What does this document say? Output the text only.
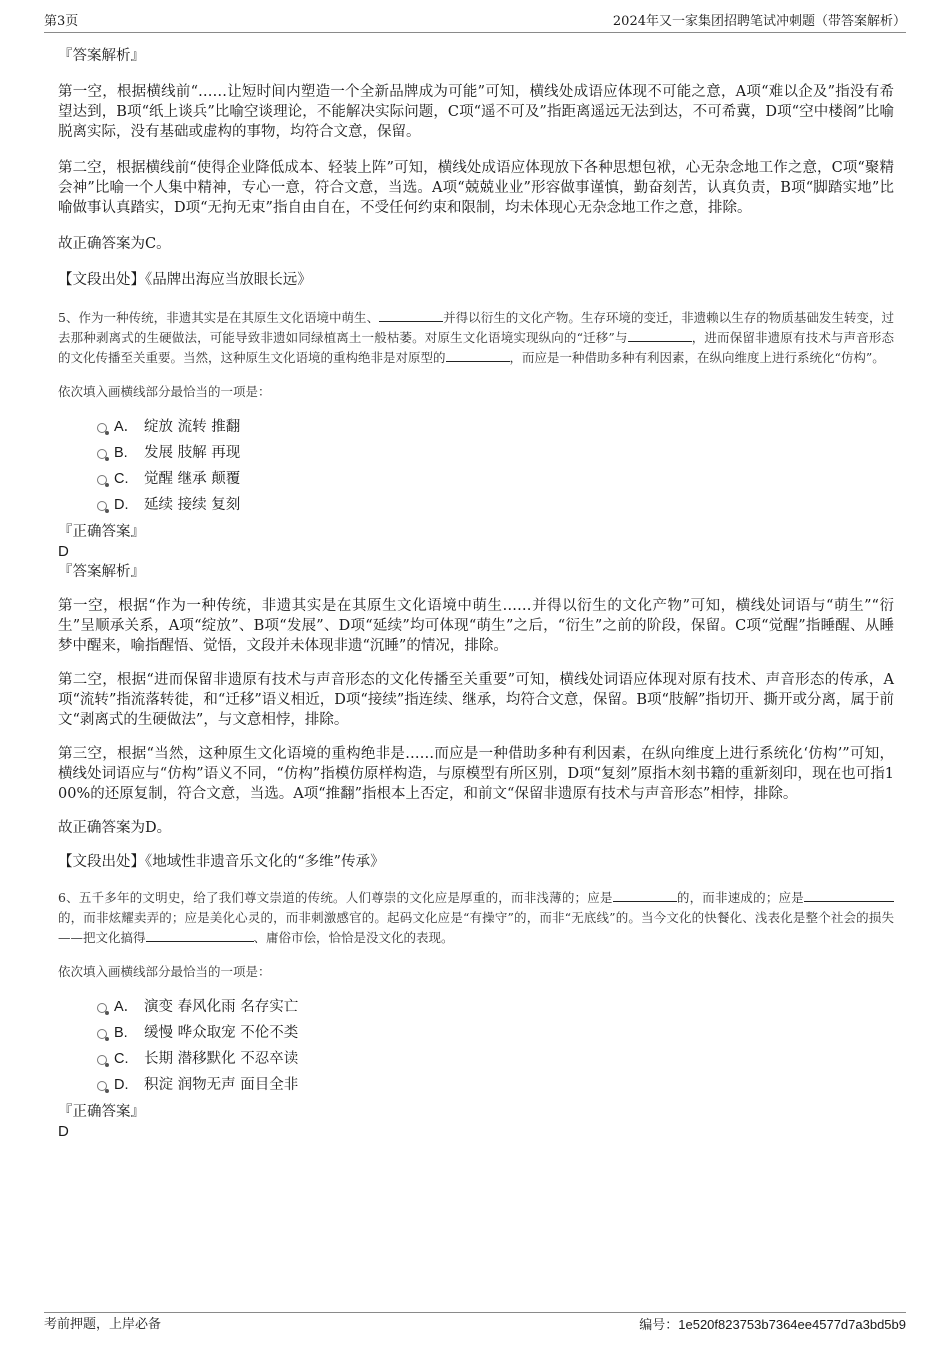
第3页	2024年又一家集团招聘笔试冲刺题（带答案解析）

『答案解析』

第一空，根据横线前“……让短时间内塑造一个全新品牌成为可能”可知，横线处成语应体现不可能之意，A项“难以企及”指没有希望达到，B项“纸上谈兵”比喻空谈理论，不能解决实际问题，C项“遥不可及”指距离遥远无法到达，不可希冀，D项“空中楼阁”比喻脱离实际，没有基础或虚构的事物，均符合文意，保留。

第二空，根据横线前“使得企业降低成本、轻装上阵”可知，横线处成语应体现放下各种思想包袱，心无杂念地工作之意，C项“聚精会神”比喻一个人集中精神，专心一意，符合文意，当选。A项“兢兢业业”形容做事谨慎，勤奋刻苦，认真负责，B项“脚踏实地”比喻做事认真踏实，D项“无拘无束”指自由自在，不受任何约束和限制，均未体现心无杂念地工作之意，排除。

故正确答案为C。

【文段出处】《品牌出海应当放眼长远》

5、作为一种传统，非遗其实是在其原生文化语境中萌生、	并得以衍生的文化产物。生存环境的变迁，非遗赖以生存的物质基础发生转变，过去那种剥离式的生硬做法，可能导致非遗如同绿植离土一般枯萎。对原生文化语境实现纵向的“迁移”与	，进而保留非遗原有技术与声音形态的文化传播至关重要。当然，这种原生文化语境的重构绝非是对原型的	，而应是一种借助多种有利因素，在纵向维度上进行系统化“仿构”。

依次填入画横线部分最恰当的一项是：

A． 绽放 流转 推翻
B. 发展 肢解 再现
C. 觉醒 继承 颠覆
D. 延续 接续 复刻

『正确答案』

D

『答案解析』

第一空，根据“作为一种传统，非遗其实是在其原生文化语境中萌生……并得以衍生的文化产物”可知，横线处词语与“萌生”“衍生”呈顺承关系，A项“绽放”、B项“发展”、D项“延续”均可体现“萌生”之后，“衍生”之前的阶段，保留。C项“觉醒”指睡醒、从睡梦中醒来，喻指醒悟、觉悟，文段并未体现非遗“沉睡”的情况，排除。

第二空，根据“进而保留非遗原有技术与声音形态的文化传播至关重要”可知，横线处词语应体现对原有技术、声音形态的传承，A项“流转”指流落转徙，和“迁移”语义相近，D项“接续”指连续、继承，均符合文意，保留。B项“肢解”指切开、撕开或分离，属于前文“剥离式的生硬做法”，与文意相悖，排除。

第三空，根据“当然，这种原生文化语境的重构绝非是……而应是一种借助多种有利因素，在纵向维度上进行系统化‘仿构’”可知，横线处词语应与“仿构”语义不同，“仿构”指模仿原样构造，与原模型有所区别，D项“复刻”原指木刻书籍的重新刻印，现在也可指100%的还原复制，符合文意，当选。A项“推翻”指根本上否定，和前文“保留非遗原有技术与声音形态”相悖，排除。

故正确答案为D。

【文段出处】《地域性非遗音乐文化的“多维”传承》

6、五千多年的文明史，给了我们尊文崇道的传统。人们尊崇的文化应是厚重的，而非浅薄的；应是	的，而非速成的；应是的，而非炫耀卖弄的；应是美化心灵的，而非刺激感官的。起码文化应是“有操守”的，而非“无底线”的。当今文化的快餐化、浅表化是整个社会的损失——把文化搞得	、庸俗市侩，恰恰是没文化的表现。

依次填入画横线部分最恰当的一项是：

A． 演变 春风化雨 名存实亡
B. 缓慢 哗众取宠 不伦不类
C. 长期 潜移默化 不忍卒读
D. 积淀 润物无声 面目全非

『正确答案』

D

考前押题，上岸必备	编号：1e520f823753b7364ee4577d7a3bd5b9
